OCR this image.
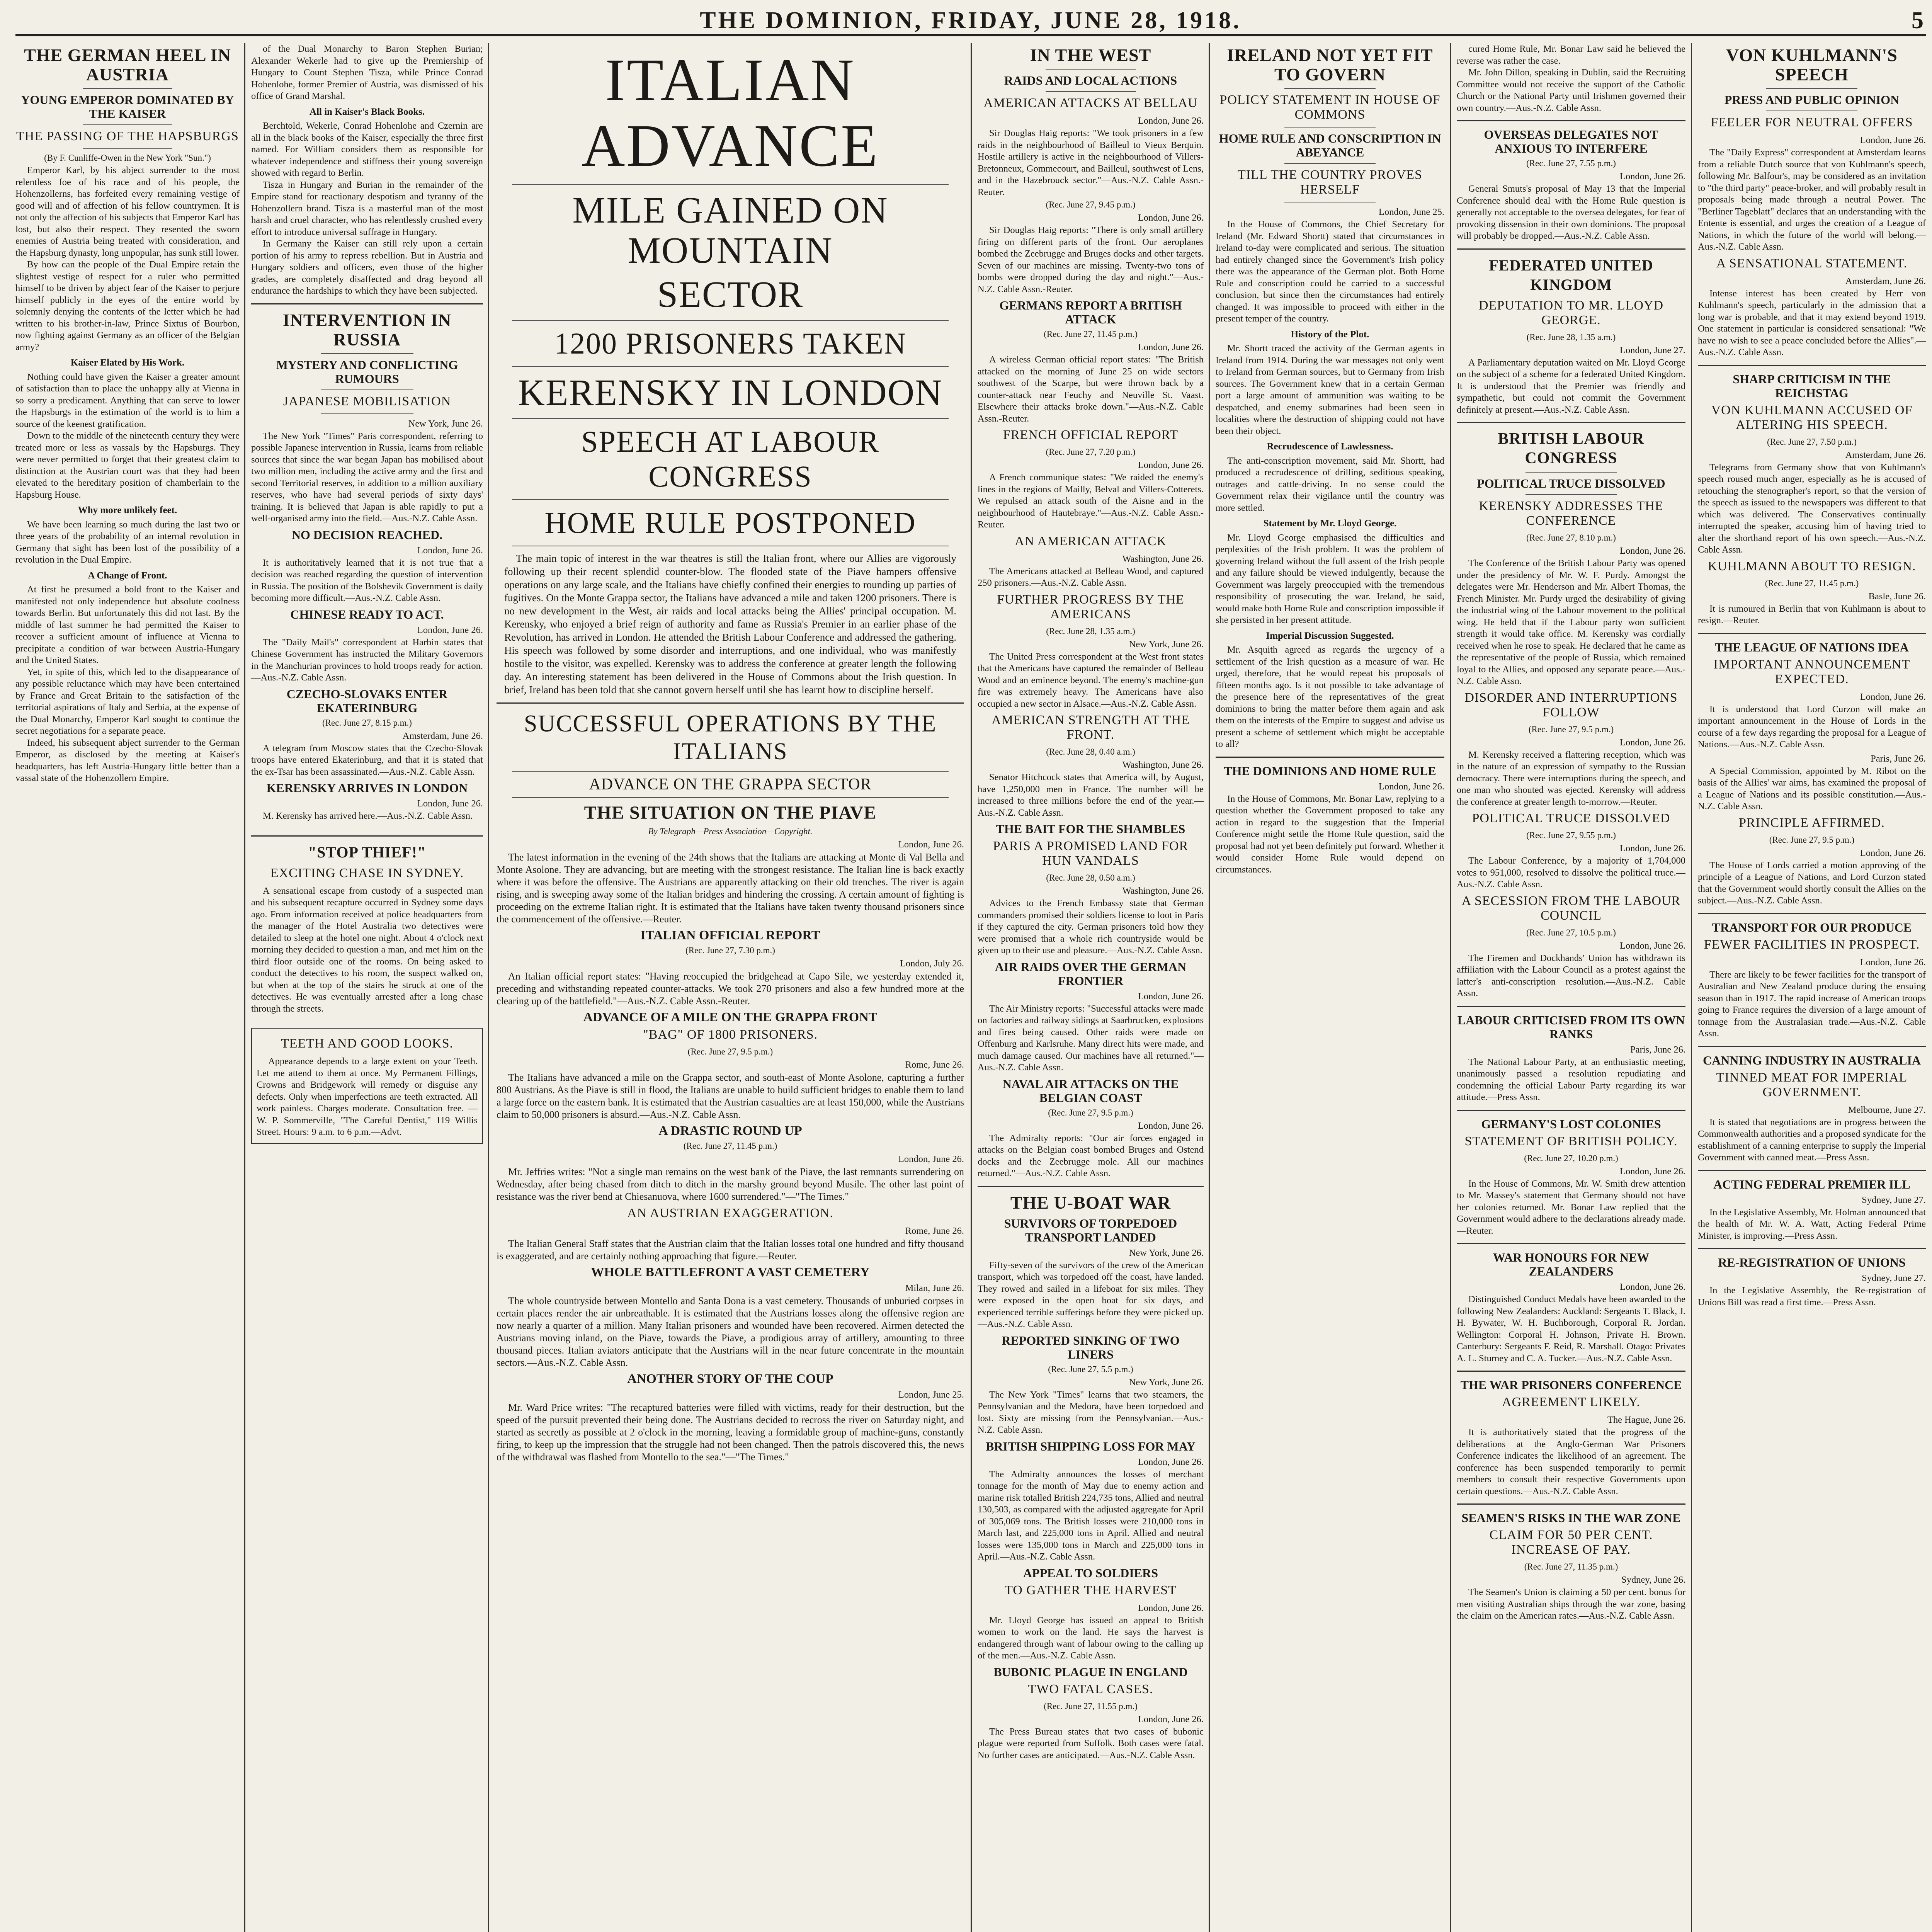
THE DOMINION, FRIDAY, JUNE 28, 1918.	5
THE GERMAN HEEL IN AUSTRIA
YOUNG EMPEROR DOMINATED BY THE KAISER
THE PASSING OF THE HAPSBURGS
(By F. Cunliffe-Owen in the New York "Sun.")

Emperor Karl, by his abject surrender to the most relentless foe of his race and of his people, the Hohenzollerns, has forfeited every remaining vestige of good will and of affection of his fellow countrymen. It is not only the affection of his subjects that Emperor Karl has lost, but also their respect. They resented the sworn enemies of Austria being treated with consideration, and the Hapsburg dynasty, long unpopular, has sunk still lower.

By how can the people of the Dual Empire retain the slightest vestige of respect for a ruler who permitted himself to be driven by abject fear of the Kaiser to perjure himself publicly in the eyes of the entire world by solemnly denying the contents of the letter which he had written to his brother-in-law, Prince Sixtus of Bourbon, now fighting against Germany as an officer of the Belgian army?

Kaiser Elated by His Work.

Nothing could have given the Kaiser a greater amount of satisfaction than to place the unhappy ally at Vienna in so sorry a predicament. Anything that can serve to lower the Hapsburgs in the estimation of the world is to him a source of the keenest gratification.

Down to the middle of the nineteenth century they were treated more or less as vassals by the Hapsburgs. They were never permitted to forget that their greatest claim to distinction at the Austrian court was that they had been elevated to the hereditary position of chamberlain to the Hapsburg House.

Why more unlikely feet.

We have been learning so much during the last two or three years of the probability of an internal revolution in Germany that sight has been lost of the possibility of a revolution in the Dual Empire.

A Change of Front.

At first he presumed a bold front to the Kaiser and manifested not only independence but absolute coolness towards Berlin. But unfortunately this did not last. By the middle of last summer he had permitted the Kaiser to recover a sufficient amount of influence at Vienna to precipitate a condition of war between Austria-Hungary and the United States.

Yet, in spite of this, which led to the disappearance of any possible reluctance which may have been entertained by France and Great Britain to the satisfaction of the territorial aspirations of Italy and Serbia, at the expense of the Dual Monarchy, Emperor Karl sought to continue the secret negotiations for a separate peace.

Indeed, his subsequent abject surrender to the German Emperor, as disclosed by the meeting at Kaiser's headquarters, has left Austria-Hungary little better than a vassal state of the Hohenzollern Empire.

of the Dual Monarchy to Baron Stephen Burian; Alexander Wekerle had to give up the Premiership of Hungary to Count Stephen Tisza, while Prince Conrad Hohenlohe, former Premier of Austria, was dismissed of his office of Grand Marshal.

All in Kaiser's Black Books.

Berchtold, Wekerle, Conrad Hohenlohe and Czernin are all in the black books of the Kaiser, especially the three first named. For William considers them as responsible for whatever independence and stiffness their young sovereign showed with regard to Berlin.

Tisza in Hungary and Burian in the remainder of the Empire stand for reactionary despotism and tyranny of the Hohenzollern brand. Tisza is a masterful man of the most harsh and cruel character, who has relentlessly crushed every effort to introduce universal suffrage in Hungary.

In Germany the Kaiser can still rely upon a certain portion of his army to repress rebellion. But in Austria and Hungary soldiers and officers, even those of the higher grades, are completely disaffected and drag beyond all endurance the hardships to which they have been subjected.

INTERVENTION IN RUSSIA
MYSTERY AND CONFLICTING RUMOURS
JAPANESE MOBILISATION
New York, June 26.

The New York "Times" Paris correspondent, referring to possible Japanese intervention in Russia, learns from reliable sources that since the war began Japan has mobilised about two million men, including the active army and the first and second Territorial reserves, in addition to a million auxiliary reserves, who have had several periods of sixty days' training. It is believed that Japan is able rapidly to put a well-organised army into the field.—Aus.-N.Z. Cable Assn.

NO DECISION REACHED.
London, June 26.

It is authoritatively learned that it is not true that a decision was reached regarding the question of intervention in Russia. The position of the Bolshevik Government is daily becoming more difficult.—Aus.-N.Z. Cable Assn.

CHINESE READY TO ACT.
London, June 26.

The "Daily Mail's" correspondent at Harbin states that Chinese Government has instructed the Military Governors in the Manchurian provinces to hold troops ready for action.—Aus.-N.Z. Cable Assn.

CZECHO-SLOVAKS ENTER EKATERINBURG
(Rec. June 27, 8.15 p.m.)
Amsterdam, June 26.

A telegram from Moscow states that the Czecho-Slovak troops have entered Ekaterinburg, and that it is stated that the ex-Tsar has been assassinated.—Aus.-N.Z. Cable Assn.

KERENSKY ARRIVES IN LONDON
London, June 26.

M. Kerensky has arrived here.—Aus.-N.Z. Cable Assn.

"STOP THIEF!"
EXCITING CHASE IN SYDNEY.

A sensational escape from custody of a suspected man and his subsequent recapture occurred in Sydney some days ago. From information received at police headquarters from the manager of the Hotel Australia two detectives were detailed to sleep at the hotel one night. About 4 o'clock next morning they decided to question a man, and met him on the third floor outside one of the rooms. On being asked to conduct the detectives to his room, the suspect walked on, but when at the top of the stairs he struck at one of the detectives. He was eventually arrested after a long chase through the streets.

TEETH AND GOOD LOOKS.

Appearance depends to a large extent on your Teeth. Let me attend to them at once. My Permanent Fillings, Crowns and Bridgework will remedy or disguise any defects. Only when imperfections are teeth extracted. All work painless. Charges moderate. Consultation free. — W. P. Sommerville, "The Careful Dentist," 119 Willis Street. Hours: 9 a.m. to 6 p.m.—Advt.

ITALIAN ADVANCE
MILE GAINED ON MOUNTAIN
SECTOR
1200 PRISONERS TAKEN
KERENSKY IN LONDON
SPEECH AT LABOUR CONGRESS
HOME RULE POSTPONED

The main topic of interest in the war theatres is still the Italian front, where our Allies are vigorously following up their recent splendid counter-blow. The flooded state of the Piave hampers offensive operations on any large scale, and the Italians have chiefly confined their energies to rounding up parties of fugitives. On the Monte Grappa sector, the Italians have advanced a mile and taken 1200 prisoners. There is no new development in the West, air raids and local attacks being the Allies' principal occupation. M. Kerensky, who enjoyed a brief reign of authority and fame as Russia's Premier in an earlier phase of the Revolution, has arrived in London. He attended the British Labour Conference and addressed the gathering. His speech was followed by some disorder and interruptions, and one individual, who was manifestly hostile to the visitor, was expelled. Kerensky was to address the conference at greater length the following day. An interesting statement has been delivered in the House of Commons about the Irish question. In brief, Ireland has been told that she cannot govern herself until she has learnt how to discipline herself.

SUCCESSFUL OPERATIONS BY THE ITALIANS
ADVANCE ON THE GRAPPA SECTOR
THE SITUATION ON THE PIAVE
By Telegraph—Press Association—Copyright.
London, June 26.

The latest information in the evening of the 24th shows that the Italians are attacking at Monte di Val Bella and Monte Asolone. They are advancing, but are meeting with the strongest resistance. The Italian line is back exactly where it was before the offensive. The Austrians are apparently attacking on their old trenches. The river is again rising, and is sweeping away some of the Italian bridges and hindering the crossing. A certain amount of fighting is proceeding on the extreme Italian right. It is estimated that the Italians have taken twenty thousand prisoners since the commencement of the offensive.—Reuter.

ITALIAN OFFICIAL REPORT
(Rec. June 27, 7.30 p.m.)
London, July 26.

An Italian official report states: "Having reoccupied the bridgehead at Capo Sile, we yesterday extended it, preceding and withstanding repeated counter-attacks. We took 270 prisoners and also a few hundred more at the clearing up of the battlefield."—Aus.-N.Z. Cable Assn.-Reuter.

ADVANCE OF A MILE ON THE GRAPPA FRONT
"BAG" OF 1800 PRISONERS.
(Rec. June 27, 9.5 p.m.)
Rome, June 26.

The Italians have advanced a mile on the Grappa sector, and south-east of Monte Asolone, capturing a further 800 Austrians. As the Piave is still in flood, the Italians are unable to build sufficient bridges to enable them to land a large force on the eastern bank. It is estimated that the Austrian casualties are at least 150,000, while the Austrians claim to 50,000 prisoners is absurd.—Aus.-N.Z. Cable Assn.

A DRASTIC ROUND UP
(Rec. June 27, 11.45 p.m.)
London, June 26.

Mr. Jeffries writes: "Not a single man remains on the west bank of the Piave, the last remnants surrendering on Wednesday, after being chased from ditch to ditch in the marshy ground beyond Musile. The other last point of resistance was the river bend at Chiesanuova, where 1600 surrendered."—"The Times."

AN AUSTRIAN EXAGGERATION.
Rome, June 26.

The Italian General Staff states that the Austrian claim that the Italian losses total one hundred and fifty thousand is exaggerated, and are certainly nothing approaching that figure.—Reuter.

WHOLE BATTLEFRONT A VAST CEMETERY
Milan, June 26.

The whole countryside between Montello and Santa Dona is a vast cemetery. Thousands of unburied corpses in certain places render the air unbreathable. It is estimated that the Austrians losses along the offensive region are now nearly a quarter of a million. Many Italian prisoners and wounded have been recovered. Airmen detected the Austrians moving inland, on the Piave, towards the Piave, a prodigious array of artillery, amounting to three thousand pieces. Italian aviators anticipate that the Austrians will in the near future concentrate in the mountain sectors.—Aus.-N.Z. Cable Assn.

ANOTHER STORY OF THE COUP
London, June 25.

Mr. Ward Price writes: "The recaptured batteries were filled with victims, ready for their destruction, but the speed of the pursuit prevented their being done. The Austrians decided to recross the river on Saturday night, and started as secretly as possible at 2 o'clock in the morning, leaving a formidable group of machine-guns, constantly firing, to keep up the impression that the struggle had not been changed. Then the patrols discovered this, the news of the withdrawal was flashed from Montello to the sea."—"The Times."

IN THE WEST
RAIDS AND LOCAL ACTIONS
AMERICAN ATTACKS AT BELLAU
London, June 26.

Sir Douglas Haig reports: "We took prisoners in a few raids in the neighbourhood of Bailleul to Vieux Berquin. Hostile artillery is active in the neighbourhood of Villers-Bretonneux, Gommecourt, and Bailleul, southwest of Lens, and in the Hazebrouck sector."—Aus.-N.Z. Cable Assn.-Reuter.

(Rec. June 27, 9.45 p.m.)
London, June 26.

Sir Douglas Haig reports: "There is only small artillery firing on different parts of the front. Our aeroplanes bombed the Zeebrugge and Bruges docks and other targets. Seven of our machines are missing. Twenty-two tons of bombs were dropped during the day and night."—Aus.-N.Z. Cable Assn.-Reuter.

GERMANS REPORT A BRITISH ATTACK
(Rec. June 27, 11.45 p.m.)
London, June 26.

A wireless German official report states: "The British attacked on the morning of June 25 on wide sectors southwest of the Scarpe, but were thrown back by a counter-attack near Feuchy and Neuville St. Vaast. Elsewhere their attacks broke down."—Aus.-N.Z. Cable Assn.-Reuter.

FRENCH OFFICIAL REPORT
(Rec. June 27, 7.20 p.m.)
London, June 26.

A French communique states: "We raided the enemy's lines in the regions of Mailly, Belval and Villers-Cotterets. We repulsed an attack south of the Aisne and in the neighbourhood of Hautebraye."—Aus.-N.Z. Cable Assn.-Reuter.

AN AMERICAN ATTACK
Washington, June 26.

The Americans attacked at Belleau Wood, and captured 250 prisoners.—Aus.-N.Z. Cable Assn.

FURTHER PROGRESS BY THE AMERICANS
(Rec. June 28, 1.35 a.m.)
New York, June 26.

The United Press correspondent at the West front states that the Americans have captured the remainder of Belleau Wood and an eminence beyond. The enemy's machine-gun fire was extremely heavy. The Americans have also occupied a new sector in Alsace.—Aus.-N.Z. Cable Assn.

AMERICAN STRENGTH AT THE FRONT.
(Rec. June 28, 0.40 a.m.)
Washington, June 26.

Senator Hitchcock states that America will, by August, have 1,250,000 men in France. The number will be increased to three millions before the end of the year.—Aus.-N.Z. Cable Assn.

THE BAIT FOR THE SHAMBLES
PARIS A PROMISED LAND FOR HUN VANDALS
(Rec. June 28, 0.50 a.m.)
Washington, June 26.

Advices to the French Embassy state that German commanders promised their soldiers license to loot in Paris if they captured the city. German prisoners told how they were promised that a whole rich countryside would be given up to their use and pleasure.—Aus.-N.Z. Cable Assn.

AIR RAIDS OVER THE GERMAN FRONTIER
London, June 26.

The Air Ministry reports: "Successful attacks were made on factories and railway sidings at Saarbrucken, explosions and fires being caused. Other raids were made on Offenburg and Karlsruhe. Many direct hits were made, and much damage caused. Our machines have all returned."—Aus.-N.Z. Cable Assn.

NAVAL AIR ATTACKS ON THE BELGIAN COAST
(Rec. June 27, 9.5 p.m.)
London, June 26.

The Admiralty reports: "Our air forces engaged in attacks on the Belgian coast bombed Bruges and Ostend docks and the Zeebrugge mole. All our machines returned."—Aus.-N.Z. Cable Assn.

THE U-BOAT WAR
SURVIVORS OF TORPEDOED TRANSPORT LANDED
New York, June 26.

Fifty-seven of the survivors of the crew of the American transport, which was torpedoed off the coast, have landed. They rowed and sailed in a lifeboat for six miles. They were exposed in the open boat for six days, and experienced terrible sufferings before they were picked up.—Aus.-N.Z. Cable Assn.

REPORTED SINKING OF TWO LINERS
(Rec. June 27, 5.5 p.m.)
New York, June 26.

The New York "Times" learns that two steamers, the Pennsylvanian and the Medora, have been torpedoed and lost. Sixty are missing from the Pennsylvanian.—Aus.-N.Z. Cable Assn.

BRITISH SHIPPING LOSS FOR MAY
London, June 26.

The Admiralty announces the losses of merchant tonnage for the month of May due to enemy action and marine risk totalled British 224,735 tons, Allied and neutral 130,503, as compared with the adjusted aggregate for April of 305,069 tons. The British losses were 210,000 tons in March last, and 225,000 tons in April. Allied and neutral losses were 135,000 tons in March and 225,000 tons in April.—Aus.-N.Z. Cable Assn.

APPEAL TO SOLDIERS
TO GATHER THE HARVEST
London, June 26.

Mr. Lloyd George has issued an appeal to British women to work on the land. He says the harvest is endangered through want of labour owing to the calling up of the men.—Aus.-N.Z. Cable Assn.

BUBONIC PLAGUE IN ENGLAND
TWO FATAL CASES.
(Rec. June 27, 11.55 p.m.)
London, June 26.

The Press Bureau states that two cases of bubonic plague were reported from Suffolk. Both cases were fatal. No further cases are anticipated.—Aus.-N.Z. Cable Assn.

IRELAND NOT YET FIT TO GOVERN
POLICY STATEMENT IN HOUSE OF COMMONS
HOME RULE AND CONSCRIPTION IN ABEYANCE
TILL THE COUNTRY PROVES HERSELF
London, June 25.

In the House of Commons, the Chief Secretary for Ireland (Mr. Edward Shortt) stated that circumstances in Ireland to-day were complicated and serious. The situation had entirely changed since the Government's Irish policy there was the appearance of the German plot. Both Home Rule and conscription could be carried to a successful conclusion, but since then the circumstances had entirely changed. It was impossible to proceed with either in the present temper of the country.

History of the Plot.

Mr. Shortt traced the activity of the German agents in Ireland from 1914. During the war messages not only went to Ireland from German sources, but to Germany from Irish sources. The Government knew that in a certain German port a large amount of ammunition was waiting to be despatched, and enemy submarines had been seen in localities where the destruction of shipping could not have been their object.

Recrudescence of Lawlessness.

The anti-conscription movement, said Mr. Shortt, had produced a recrudescence of drilling, seditious speaking, outrages and cattle-driving. In no sense could the Government relax their vigilance until the country was more settled.

Statement by Mr. Lloyd George.

Mr. Lloyd George emphasised the difficulties and perplexities of the Irish problem. It was the problem of governing Ireland without the full assent of the Irish people and any failure should be viewed indulgently, because the Government was largely preoccupied with the tremendous responsibility of prosecuting the war. Ireland, he said, would make both Home Rule and conscription impossible if she persisted in her present attitude.

Imperial Discussion Suggested.

Mr. Asquith agreed as regards the urgency of a settlement of the Irish question as a measure of war. He urged, therefore, that he would repeat his proposals of fifteen months ago. Is it not possible to take advantage of the presence here of the representatives of the great dominions to bring the matter before them again and ask them on the interests of the Empire to suggest and advise us present a scheme of settlement which might be acceptable to all?

THE DOMINIONS AND HOME RULE
London, June 26.

In the House of Commons, Mr. Bonar Law, replying to a question whether the Government proposed to take any action in regard to the suggestion that the Imperial Conference might settle the Home Rule question, said the proposal had not yet been definitely put forward. Whether it would consider Home Rule would depend on circumstances.

cured Home Rule, Mr. Bonar Law said he believed the reverse was rather the case.

Mr. John Dillon, speaking in Dublin, said the Recruiting Committee would not receive the support of the Catholic Church or the National Party until Irishmen governed their own country.—Aus.-N.Z. Cable Assn.

OVERSEAS DELEGATES NOT ANXIOUS TO INTERFERE
(Rec. June 27, 7.55 p.m.)
London, June 26.

General Smuts's proposal of May 13 that the Imperial Conference should deal with the Home Rule question is generally not acceptable to the oversea delegates, for fear of provoking dissension in their own dominions. The proposal will probably be dropped.—Aus.-N.Z. Cable Assn.

FEDERATED UNITED KINGDOM
DEPUTATION TO MR. LLOYD GEORGE.
(Rec. June 28, 1.35 a.m.)
London, June 27.

A Parliamentary deputation waited on Mr. Lloyd George on the subject of a scheme for a federated United Kingdom. It is understood that the Premier was friendly and sympathetic, but could not commit the Government definitely at present.—Aus.-N.Z. Cable Assn.

BRITISH LABOUR CONGRESS
POLITICAL TRUCE DISSOLVED
KERENSKY ADDRESSES THE CONFERENCE
(Rec. June 27, 8.10 p.m.)
London, June 26.

The Conference of the British Labour Party was opened under the presidency of Mr. W. F. Purdy. Amongst the delegates were Mr. Henderson and Mr. Albert Thomas, the French Minister. Mr. Purdy urged the desirability of giving the industrial wing of the Labour movement to the political wing. He held that if the Labour party won sufficient strength it would take office. M. Kerensky was cordially received when he rose to speak. He declared that he came as the representative of the people of Russia, which remained loyal to the Allies, and opposed any separate peace.—Aus.-N.Z. Cable Assn.

DISORDER AND INTERRUPTIONS FOLLOW
(Rec. June 27, 9.5 p.m.)
London, June 26.

M. Kerensky received a flattering reception, which was in the nature of an expression of sympathy to the Russian democracy. There were interruptions during the speech, and one man who shouted was ejected. Kerensky will address the conference at greater length to-morrow.—Reuter.

POLITICAL TRUCE DISSOLVED
(Rec. June 27, 9.55 p.m.)
London, June 26.

The Labour Conference, by a majority of 1,704,000 votes to 951,000, resolved to dissolve the political truce.—Aus.-N.Z. Cable Assn.

A SECESSION FROM THE LABOUR COUNCIL
(Rec. June 27, 10.5 p.m.)
London, June 26.

The Firemen and Dockhands' Union has withdrawn its affiliation with the Labour Council as a protest against the latter's anti-conscription resolution.—Aus.-N.Z. Cable Assn.

LABOUR CRITICISED FROM ITS OWN RANKS
Paris, June 26.

The National Labour Party, at an enthusiastic meeting, unanimously passed a resolution repudiating and condemning the official Labour Party regarding its war attitude.—Press Assn.

GERMANY'S LOST COLONIES
STATEMENT OF BRITISH POLICY.
(Rec. June 27, 10.20 p.m.)
London, June 26.

In the House of Commons, Mr. W. Smith drew attention to Mr. Massey's statement that Germany should not have her colonies returned. Mr. Bonar Law replied that the Government would adhere to the declarations already made.—Reuter.

WAR HONOURS FOR NEW ZEALANDERS
London, June 26.

Distinguished Conduct Medals have been awarded to the following New Zealanders: Auckland: Sergeants T. Black, J. H. Bywater, W. H. Buchborough, Corporal R. Jordan. Wellington: Corporal H. Johnson, Private H. Brown. Canterbury: Sergeants F. Reid, R. Marshall. Otago: Privates A. L. Sturney and C. A. Tucker.—Aus.-N.Z. Cable Assn.

THE WAR PRISONERS CONFERENCE
AGREEMENT LIKELY.
The Hague, June 26.

It is authoritatively stated that the progress of the deliberations at the Anglo-German War Prisoners Conference indicates the likelihood of an agreement. The conference has been suspended temporarily to permit members to consult their respective Governments upon certain questions.—Aus.-N.Z. Cable Assn.

SEAMEN'S RISKS IN THE WAR ZONE
CLAIM FOR 50 PER CENT. INCREASE OF PAY.
(Rec. June 27, 11.35 p.m.)
Sydney, June 26.

The Seamen's Union is claiming a 50 per cent. bonus for men visiting Australian ships through the war zone, basing the claim on the American rates.—Aus.-N.Z. Cable Assn.

VON KUHLMANN'S SPEECH
PRESS AND PUBLIC OPINION
FEELER FOR NEUTRAL OFFERS
London, June 26.

The "Daily Express" correspondent at Amsterdam learns from a reliable Dutch source that von Kuhlmann's speech, following Mr. Balfour's, may be considered as an invitation to "the third party" peace-broker, and will probably result in proposals being made through a neutral Power. The "Berliner Tageblatt" declares that an understanding with the Entente is essential, and urges the creation of a League of Nations, in which the future of the world will belong.—Aus.-N.Z. Cable Assn.

A SENSATIONAL STATEMENT.
Amsterdam, June 26.

Intense interest has been created by Herr von Kuhlmann's speech, particularly in the admission that a long war is probable, and that it may extend beyond 1919. One statement in particular is considered sensational: "We have no wish to see a peace concluded before the Allies".—Aus.-N.Z. Cable Assn.

SHARP CRITICISM IN THE REICHSTAG
VON KUHLMANN ACCUSED OF ALTERING HIS SPEECH.
(Rec. June 27, 7.50 p.m.)
Amsterdam, June 26.

Telegrams from Germany show that von Kuhlmann's speech roused much anger, especially as he is accused of retouching the stenographer's report, so that the version of the speech as issued to the newspapers was different to that which was delivered. The Conservatives continually interrupted the speaker, accusing him of having tried to alter the shorthand report of his own speech.—Aus.-N.Z. Cable Assn.

KUHLMANN ABOUT TO RESIGN.
(Rec. June 27, 11.45 p.m.)
Basle, June 26.

It is rumoured in Berlin that von Kuhlmann is about to resign.—Reuter.

THE LEAGUE OF NATIONS IDEA
IMPORTANT ANNOUNCEMENT EXPECTED.
London, June 26.

It is understood that Lord Curzon will make an important announcement in the House of Lords in the course of a few days regarding the proposal for a League of Nations.—Aus.-N.Z. Cable Assn.

Paris, June 26.

A Special Commission, appointed by M. Ribot on the basis of the Allies' war aims, has examined the proposal of a League of Nations and its possible constitution.—Aus.-N.Z. Cable Assn.

PRINCIPLE AFFIRMED.
(Rec. June 27, 9.5 p.m.)
London, June 26.

The House of Lords carried a motion approving of the principle of a League of Nations, and Lord Curzon stated that the Government would shortly consult the Allies on the subject.—Aus.-N.Z. Cable Assn.

TRANSPORT FOR OUR PRODUCE
FEWER FACILITIES IN PROSPECT.
London, June 26.

There are likely to be fewer facilities for the transport of Australian and New Zealand produce during the ensuing season than in 1917. The rapid increase of American troops going to France requires the diversion of a large amount of tonnage from the Australasian trade.—Aus.-N.Z. Cable Assn.

CANNING INDUSTRY IN AUSTRALIA
TINNED MEAT FOR IMPERIAL GOVERNMENT.
Melbourne, June 27.

It is stated that negotiations are in progress between the Commonwealth authorities and a proposed syndicate for the establishment of a canning enterprise to supply the Imperial Government with canned meat.—Press Assn.

ACTING FEDERAL PREMIER ILL
Sydney, June 27.

In the Legislative Assembly, Mr. Holman announced that the health of Mr. W. A. Watt, Acting Federal Prime Minister, is improving.—Press Assn.

RE-REGISTRATION OF UNIONS
Sydney, June 27.

In the Legislative Assembly, the Re-registration of Unions Bill was read a first time.—Press Assn.
